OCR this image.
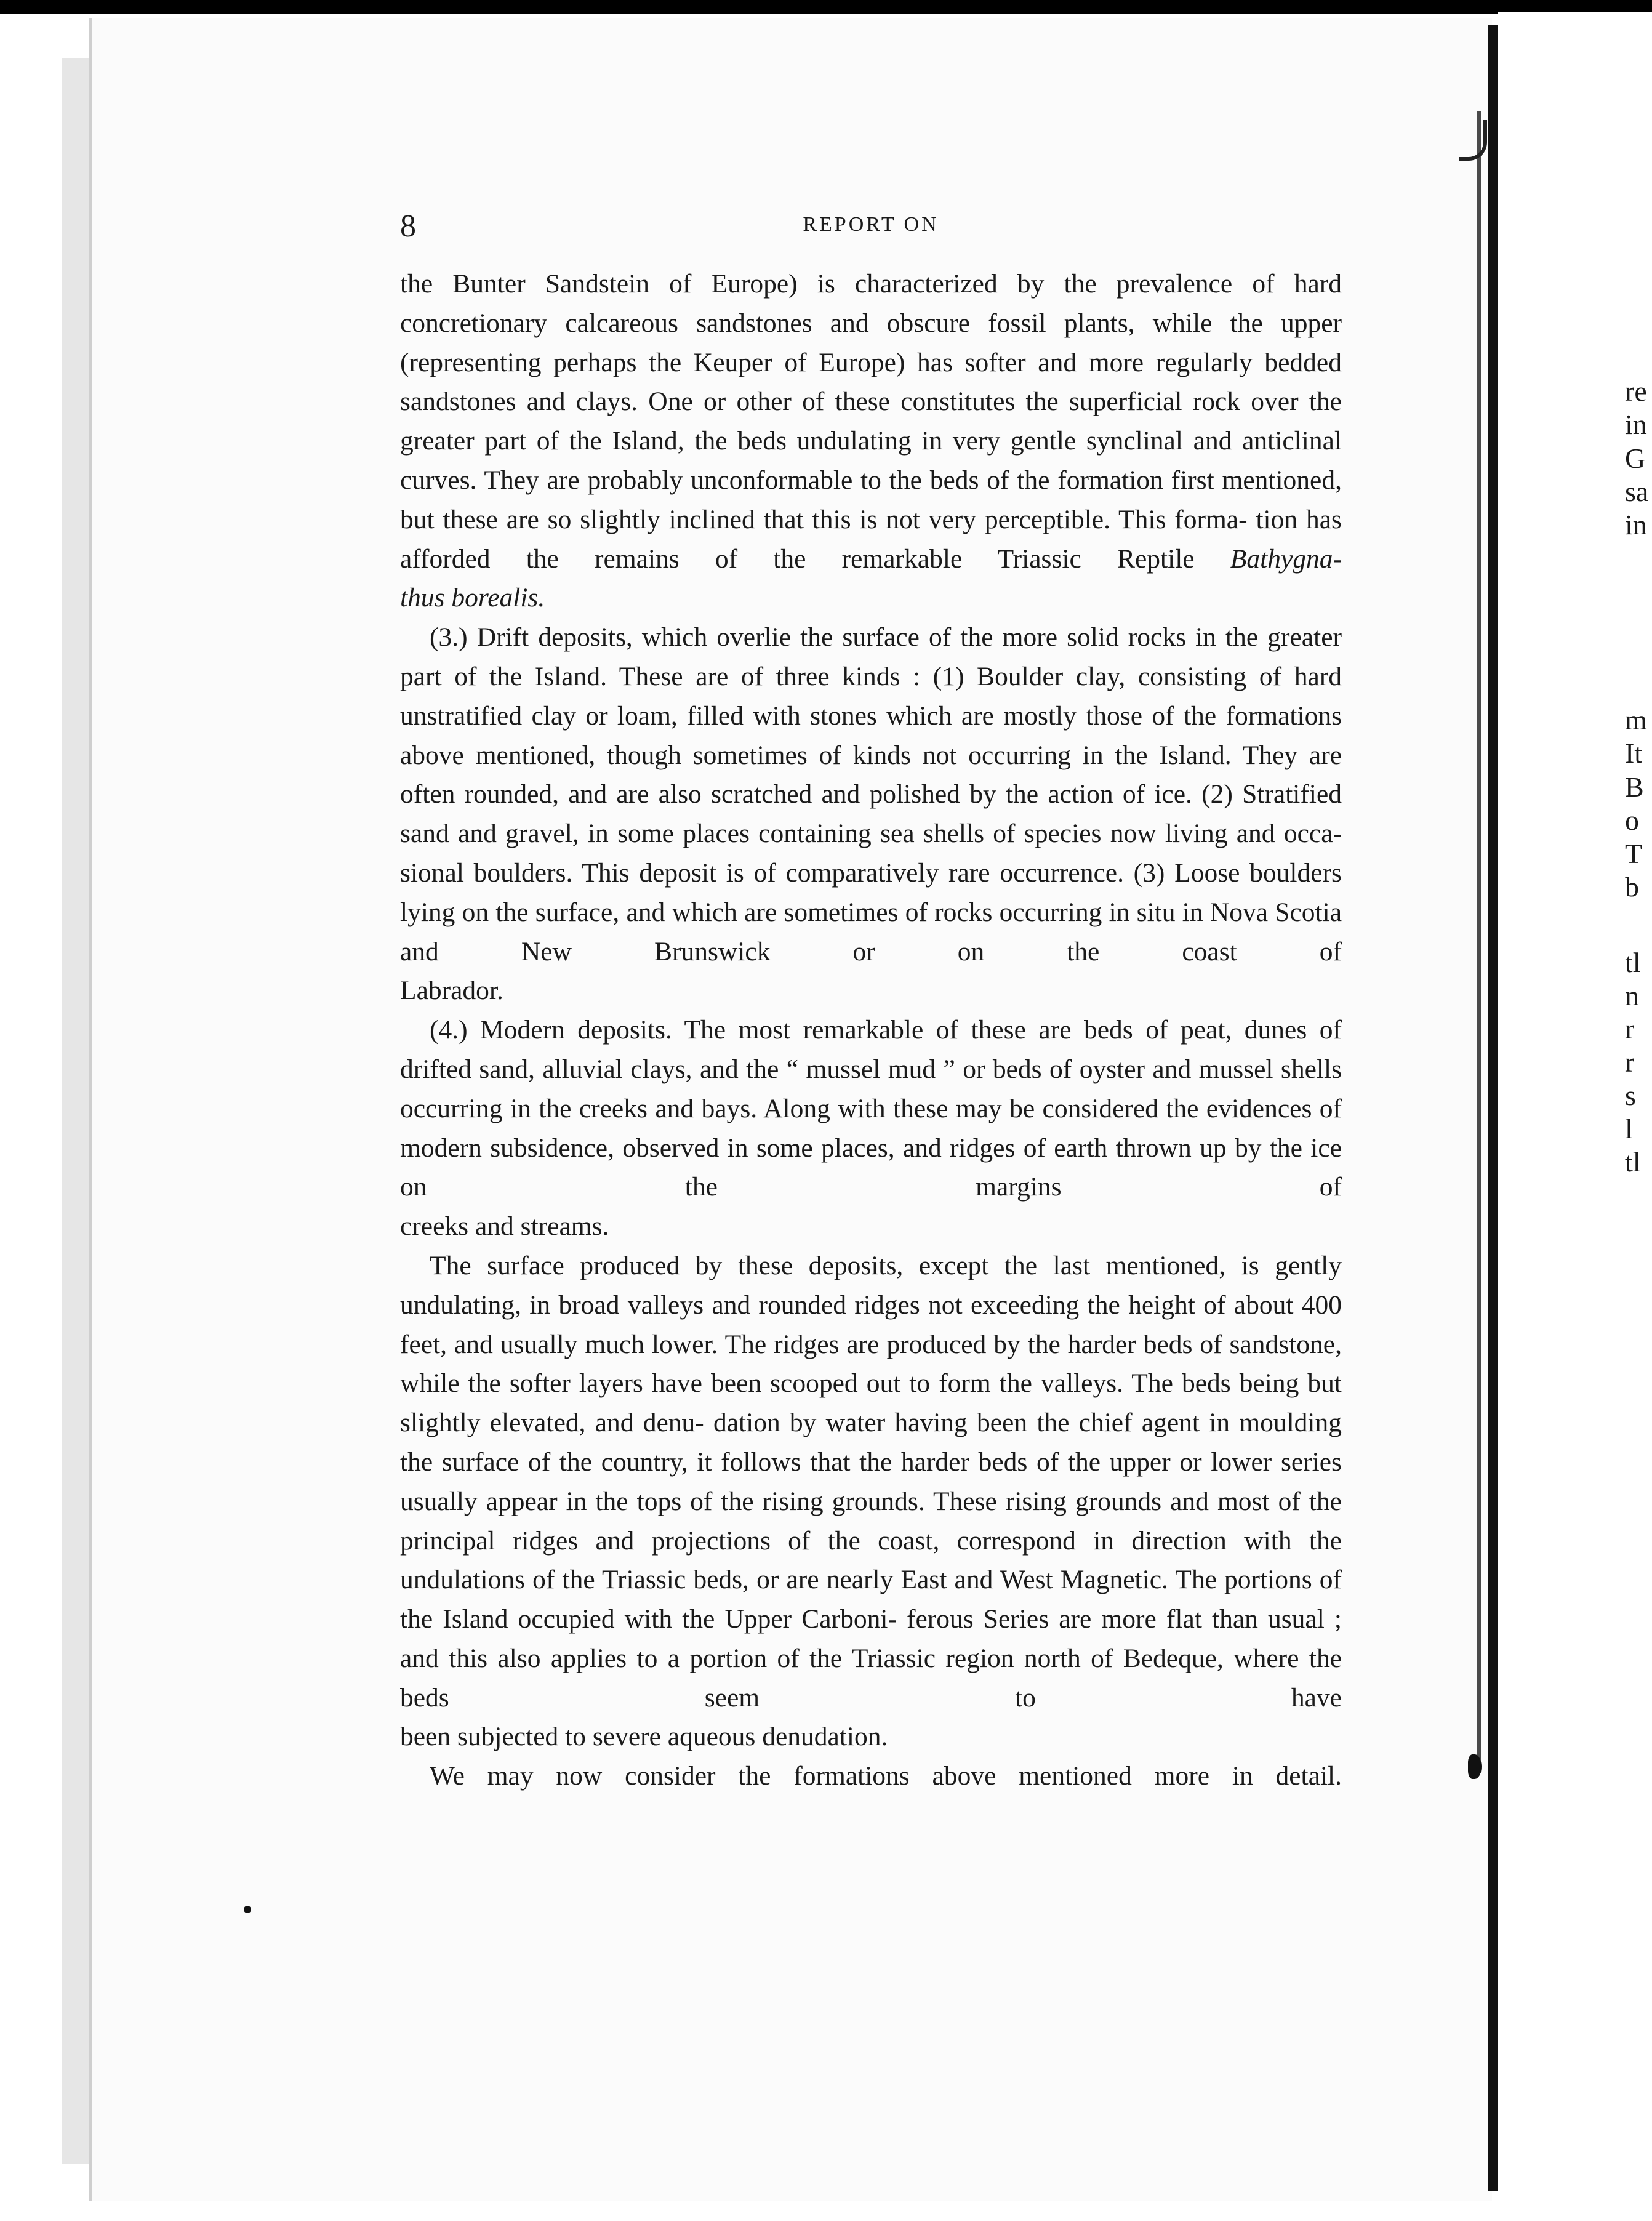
re
in
G
sa
in
m
It
B
o
T
b
tl
n
r
r
s
l
tl
8	REPORT ON

the Bunter Sandstein of Europe) is characterized by the prevalence of hard concretionary calcareous sandstones and obscure fossil plants, while the upper (representing perhaps the Keuper of Europe) has softer and more regularly bedded sandstones and clays. One or other of these constitutes the superficial rock over the greater part of the Island, the beds undulating in very gentle synclinal and anticlinal curves. They are probably unconformable to the beds of the formation first mentioned, but these are so slightly inclined that this is not very perceptible. This forma- tion has afforded the remains of the remarkable Triassic Reptile Bathygna-
thus borealis.

(3.) Drift deposits, which overlie the surface of the more solid rocks in the greater part of the Island. These are of three kinds : (1) Boulder clay, consisting of hard unstratified clay or loam, filled with stones which are mostly those of the formations above mentioned, though sometimes of kinds not occurring in the Island. They are often rounded, and are also scratched and polished by the action of ice. (2) Stratified sand and gravel, in some places containing sea shells of species now living and occa- sional boulders. This deposit is of comparatively rare occurrence. (3) Loose boulders lying on the surface, and which are sometimes of rocks occurring in situ in Nova Scotia and New Brunswick or on the coast of
Labrador.

(4.) Modern deposits. The most remarkable of these are beds of peat, dunes of drifted sand, alluvial clays, and the “ mussel mud ” or beds of oyster and mussel shells occurring in the creeks and bays. Along with these may be considered the evidences of modern subsidence, observed in some places, and ridges of earth thrown up by the ice on the margins of
creeks and streams.

The surface produced by these deposits, except the last mentioned, is gently undulating, in broad valleys and rounded ridges not exceeding the height of about 400 feet, and usually much lower. The ridges are produced by the harder beds of sandstone, while the softer layers have been scooped out to form the valleys. The beds being but slightly elevated, and denu- dation by water having been the chief agent in moulding the surface of the country, it follows that the harder beds of the upper or lower series usually appear in the tops of the rising grounds. These rising grounds and most of the principal ridges and projections of the coast, correspond in direction with the undulations of the Triassic beds, or are nearly East and West Magnetic. The portions of the Island occupied with the Upper Carboni- ferous Series are more flat than usual ; and this also applies to a portion of the Triassic region north of Bedeque, where the beds seem to have
been subjected to severe aqueous denudation.

We may now consider the formations above mentioned more in detail.
